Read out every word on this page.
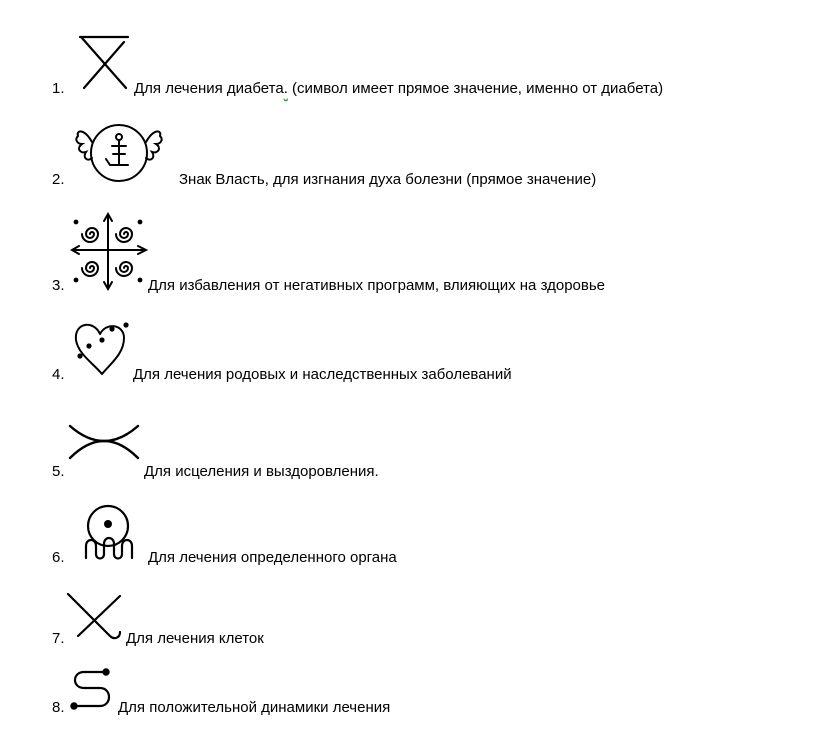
1.	Для лечения диабета. (символ имеет прямое значение, именно от диабета)
2.	Знак Власть, для изгнания духа болезни (прямое значение)
3.	Для избавления от негативных программ, влияющих на здоровье
4.	Для лечения родовых и наследственных заболеваний
5.	Для исцеления и выздоровления.
6.	Для лечения определенного органа
7.	Для лечения клеток
8.	Для положительной динамики лечения
